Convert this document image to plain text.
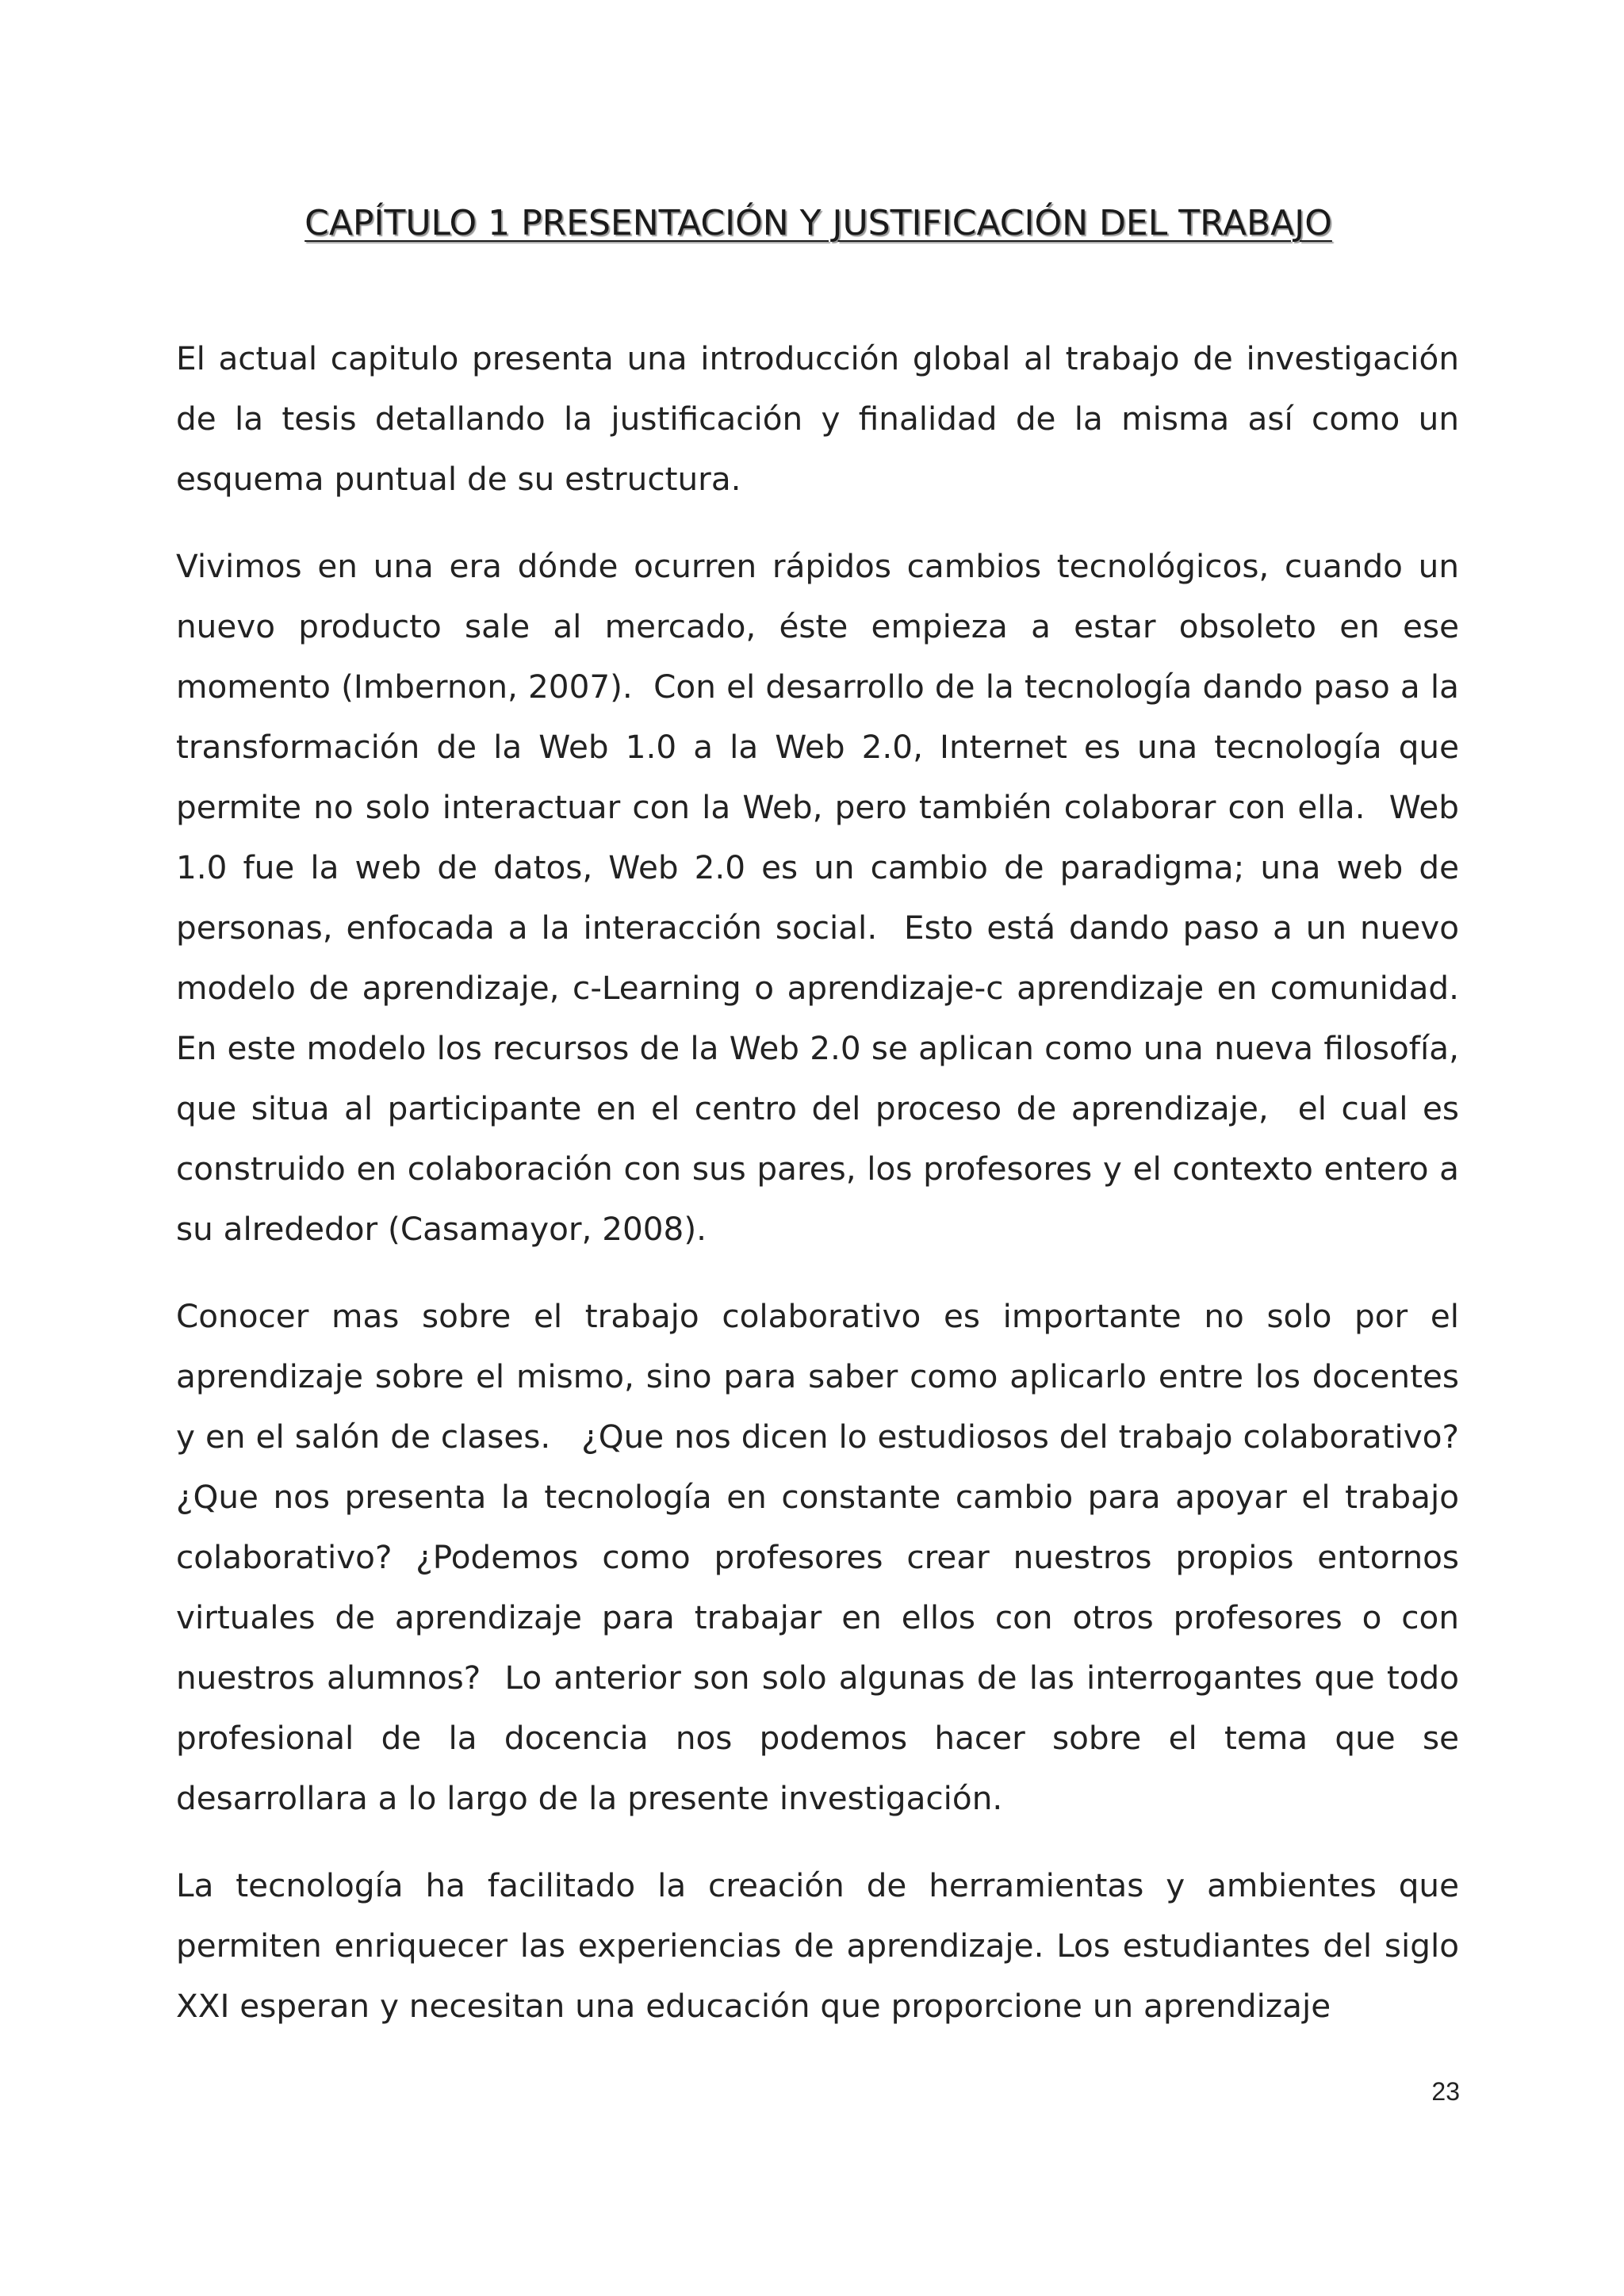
CAPÍTULO 1 PRESENTACIÓN Y JUSTIFICACIÓN DEL TRABAJO

El actual capitulo presenta una introducción global al trabajo de investigación de la tesis detallando la justificación y finalidad de la misma así como un esquema puntual de su estructura.

Vivimos en una era dónde ocurren rápidos cambios tecnológicos, cuando un nuevo producto sale al mercado, éste empieza a estar obsoleto en ese momento (Imbernon, 2007).  Con el desarrollo de la tecnología dando paso a la transformación de la Web 1.0 a la Web 2.0, Internet es una tecnología que permite no solo interactuar con la Web, pero también colaborar con ella.  Web 1.0 fue la web de datos, Web 2.0 es un cambio de paradigma; una web de personas, enfocada a la interacción social.  Esto está dando paso a un nuevo modelo de aprendizaje, c-Learning o aprendizaje-c aprendizaje en comunidad. En este modelo los recursos de la Web 2.0 se aplican como una nueva filosofía, que situa al participante en el centro del proceso de aprendizaje,  el cual es construido en colaboración con sus pares, los profesores y el contexto entero a su alrededor (Casamayor, 2008).

Conocer mas sobre el trabajo colaborativo es importante no solo por el aprendizaje sobre el mismo, sino para saber como aplicarlo entre los docentes y en el salón de clases.   ¿Que nos dicen lo estudiosos del trabajo colaborativo? ¿Que nos presenta la tecnología en constante cambio para apoyar el trabajo colaborativo? ¿Podemos como profesores crear nuestros propios entornos virtuales de aprendizaje para trabajar en ellos con otros profesores o con nuestros alumnos?  Lo anterior son solo algunas de las interrogantes que todo profesional de la docencia nos podemos hacer sobre el tema que se desarrollara a lo largo de la presente investigación.

La tecnología ha facilitado la creación de herramientas y ambientes que permiten enriquecer las experiencias de aprendizaje. Los estudiantes del siglo XXI esperan y necesitan una educación que proporcione un aprendizaje

23
